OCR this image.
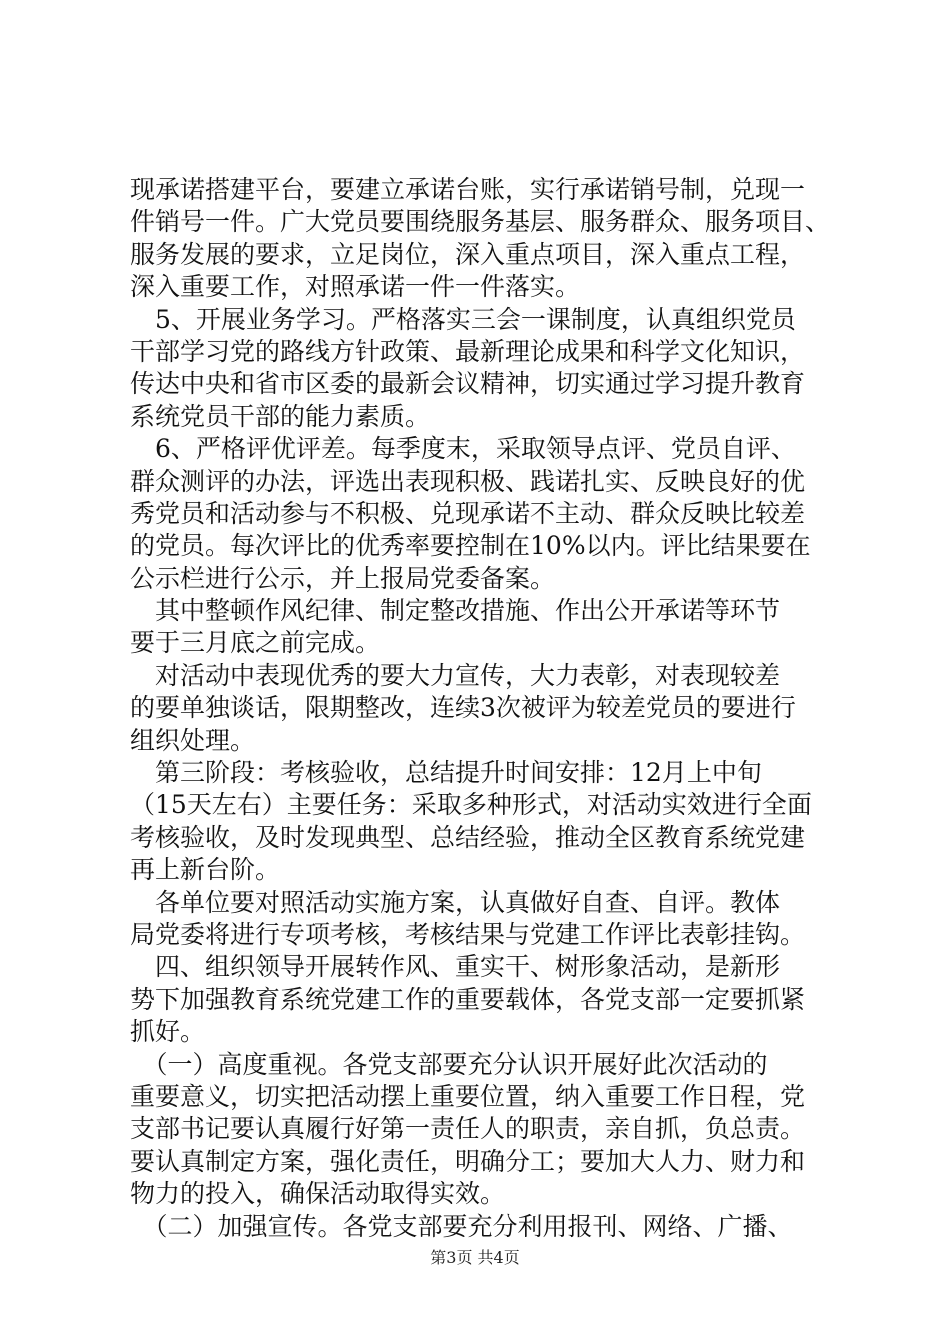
现承诺搭建平台，要建立承诺台账，实行承诺销号制，兑现一
件销号一件。广大党员要围绕服务基层、服务群众、服务项目、
服务发展的要求，立足岗位，深入重点项目，深入重点工程，
深入重要工作，对照承诺一件一件落实。
　5、开展业务学习。严格落实三会一课制度，认真组织党员
干部学习党的路线方针政策、最新理论成果和科学文化知识，
传达中央和省市区委的最新会议精神，切实通过学习提升教育
系统党员干部的能力素质。
　6、严格评优评差。每季度末，采取领导点评、党员自评、
群众测评的办法，评选出表现积极、践诺扎实、反映良好的优
秀党员和活动参与不积极、兑现承诺不主动、群众反映比较差
的党员。每次评比的优秀率要控制在10%以内。评比结果要在
公示栏进行公示，并上报局党委备案。
　其中整顿作风纪律、制定整改措施、作出公开承诺等环节
要于三月底之前完成。
　对活动中表现优秀的要大力宣传，大力表彰，对表现较差
的要单独谈话，限期整改，连续3次被评为较差党员的要进行
组织处理。
　第三阶段：考核验收，总结提升时间安排：12月上中旬
（15天左右）主要任务：采取多种形式，对活动实效进行全面
考核验收，及时发现典型、总结经验，推动全区教育系统党建
再上新台阶。
　各单位要对照活动实施方案，认真做好自查、自评。教体
局党委将进行专项考核，考核结果与党建工作评比表彰挂钩。
　四、组织领导开展转作风、重实干、树形象活动，是新形
势下加强教育系统党建工作的重要载体，各党支部一定要抓紧
抓好。
　（一）高度重视。各党支部要充分认识开展好此次活动的
重要意义，切实把活动摆上重要位置，纳入重要工作日程，党
支部书记要认真履行好第一责任人的职责，亲自抓，负总责。
要认真制定方案，强化责任，明确分工；要加大人力、财力和
物力的投入，确保活动取得实效。
　（二）加强宣传。各党支部要充分利用报刊、网络、广播、
第3页 共4页
